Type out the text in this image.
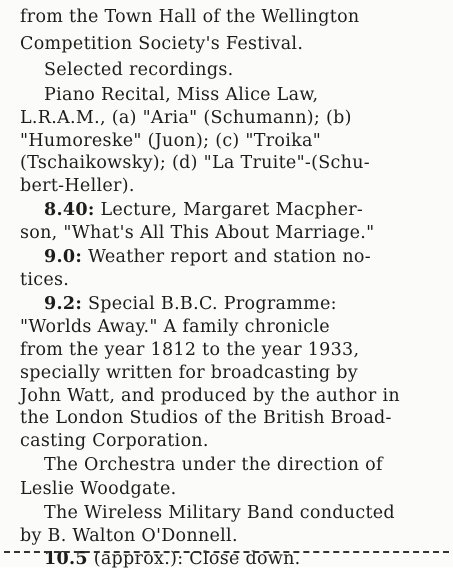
from the Town Hall of the Wellington
Competition Society's Festival.
Selected recordings.
Piano Recital, Miss Alice Law,
L.R.A.M., (a) "Aria" (Schumann); (b)
"Humoreske" (Juon); (c) "Troika"
(Tschaikowsky); (d) "La Truite"-(Schu-
bert-Heller).
8.40: Lecture, Margaret Macpher-
son, "What's All This About Marriage."
9.0: Weather report and station no-
tices.
9.2: Special B.B.C. Programme:
"Worlds Away." A family chronicle
from the year 1812 to the year 1933,
specially written for broadcasting by
John Watt, and produced by the author in
the London Studios of the British Broad-
casting Corporation.
The Orchestra under the direction of
Leslie Woodgate.
The Wireless Military Band conducted
by B. Walton O'Donnell.
10.5 (approx.): Close down.
